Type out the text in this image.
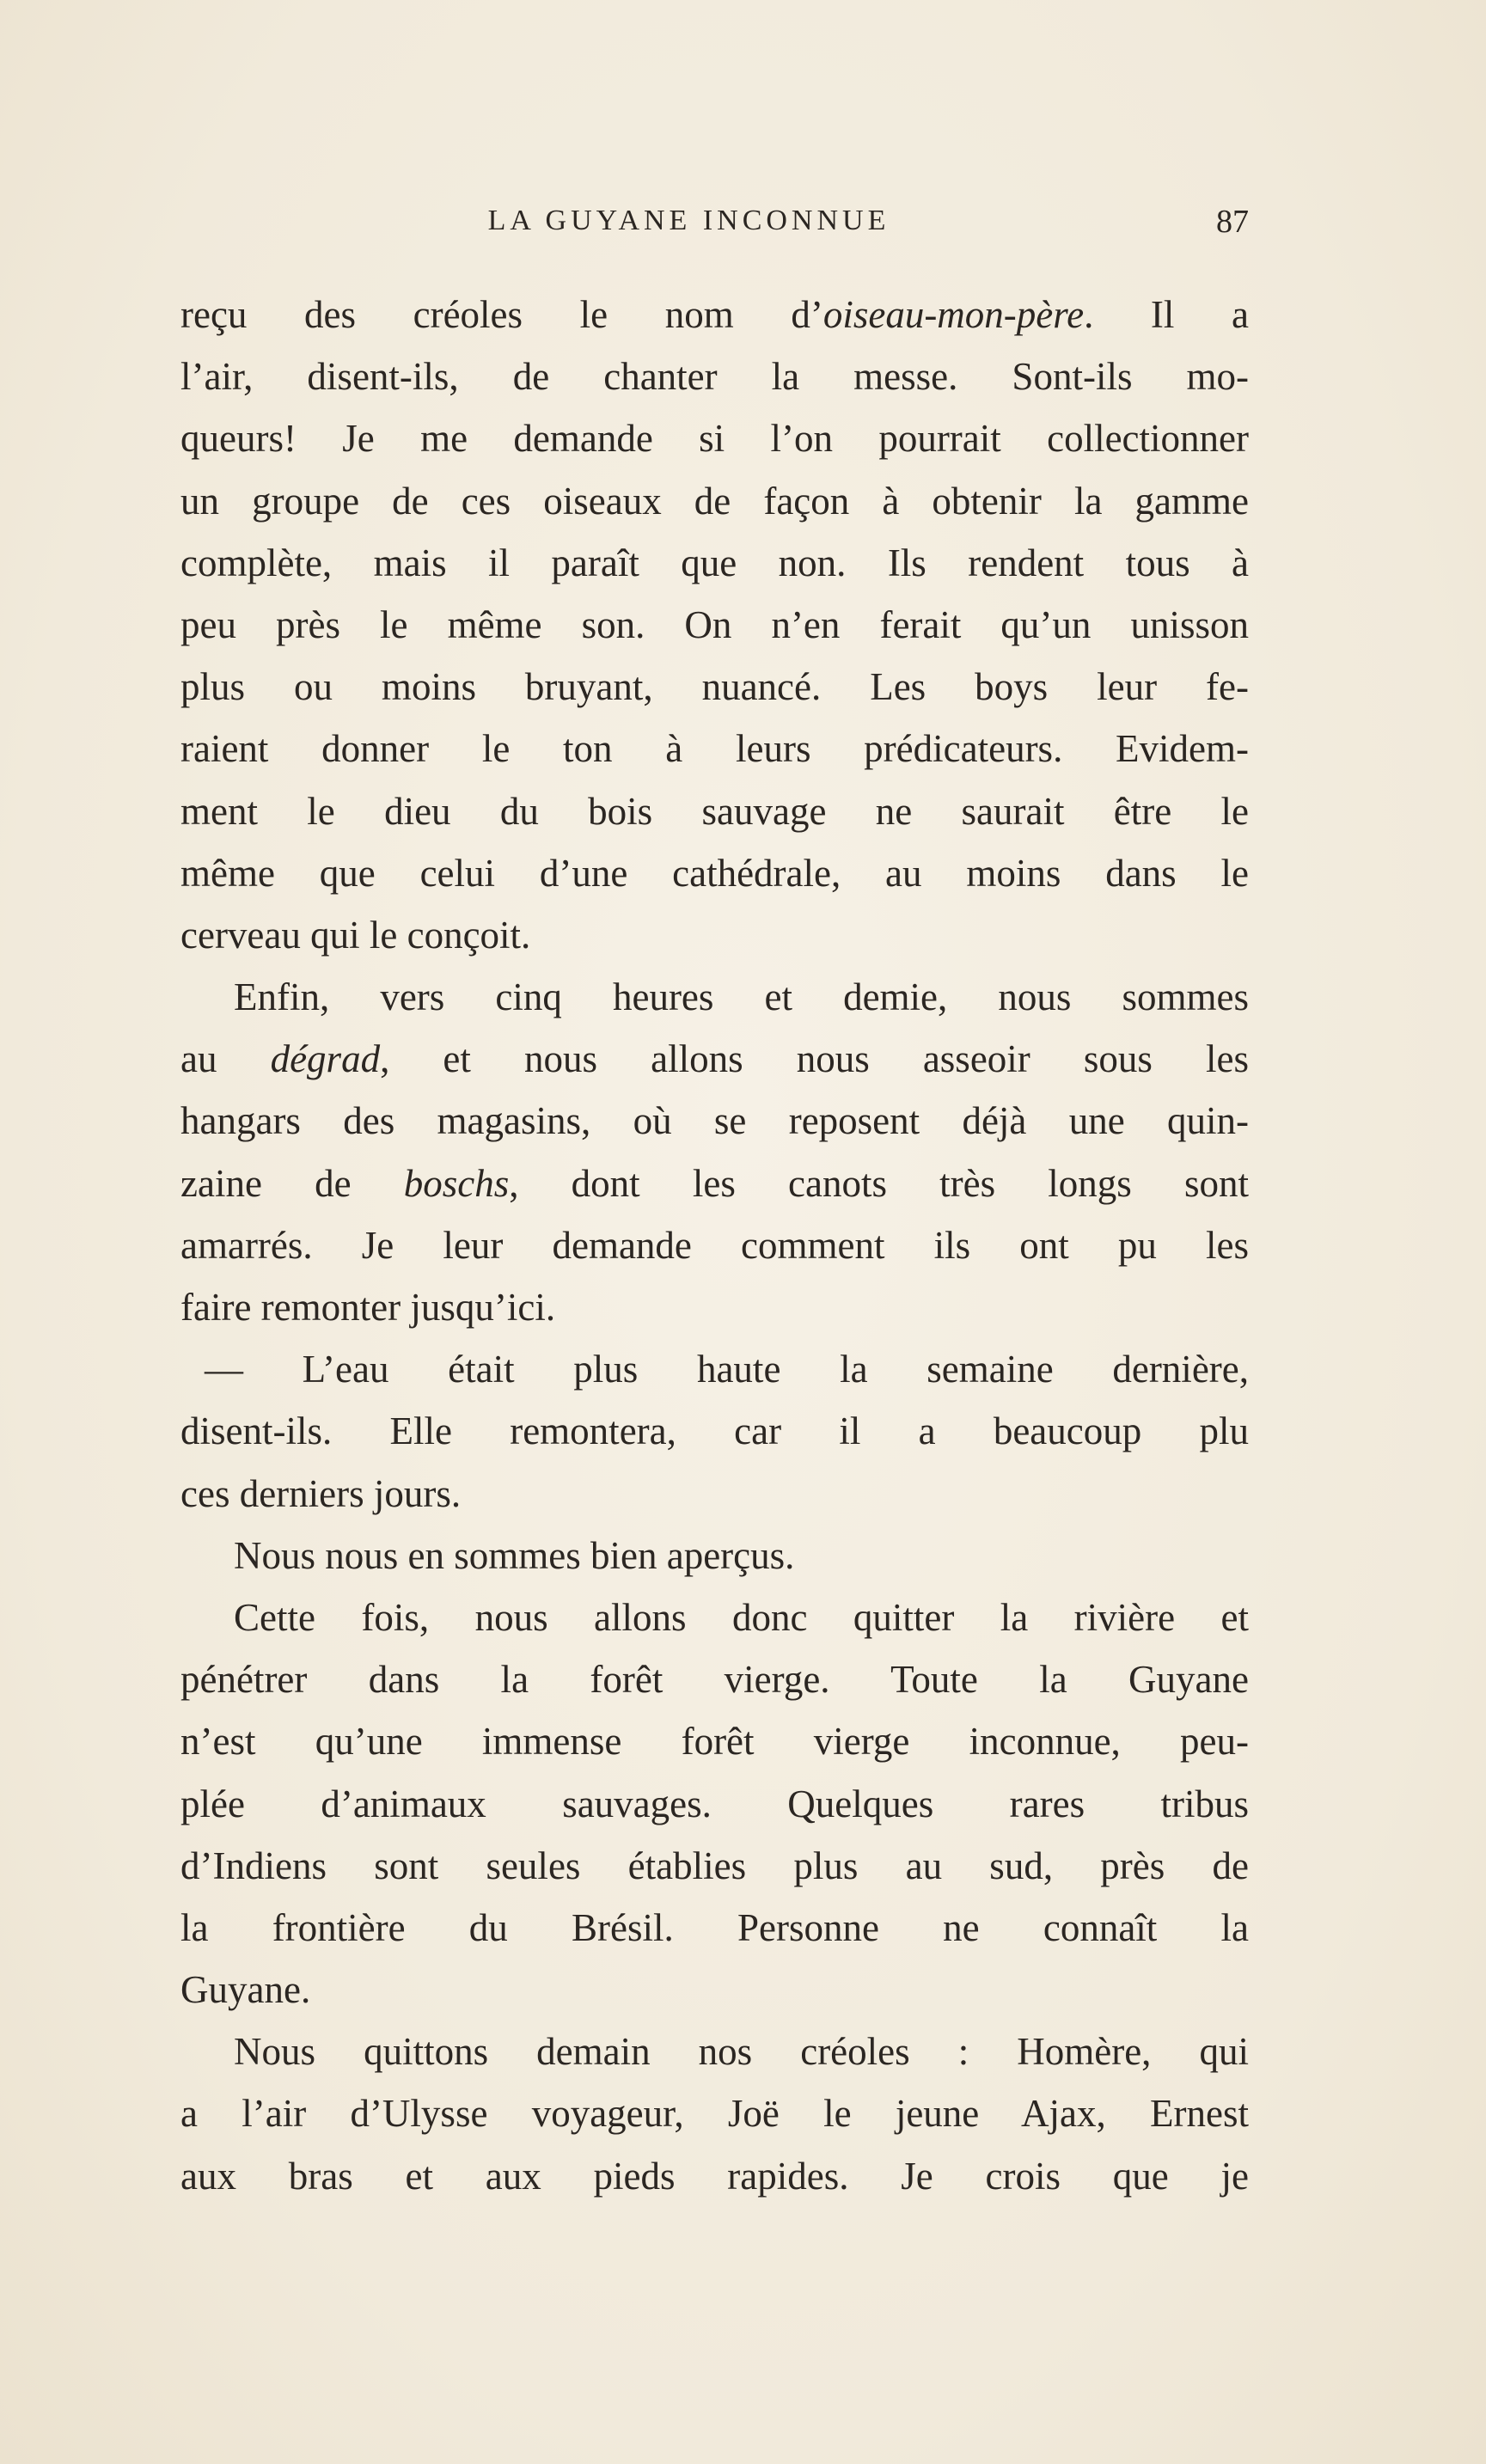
LA GUYANE INCONNUE	87
reçu des créoles le nom d’oiseau-mon-père. Il a
l’air, disent-ils, de chanter la messe. Sont-ils mo-
queurs! Je me demande si l’on pourrait collectionner
un groupe de ces oiseaux de façon à obtenir la gamme
complète, mais il paraît que non. Ils rendent tous à
peu près le même son. On n’en ferait qu’un unisson
plus ou moins bruyant, nuancé. Les boys leur fe-
raient donner le ton à leurs prédicateurs. Evidem-
ment le dieu du bois sauvage ne saurait être le
même que celui d’une cathédrale, au moins dans le
cerveau qui le conçoit.
Enfin, vers cinq heures et demie, nous sommes
au dégrad, et nous allons nous asseoir sous les
hangars des magasins, où se reposent déjà une quin-
zaine de boschs, dont les canots très longs sont
amarrés. Je leur demande comment ils ont pu les
faire remonter jusqu’ici.
— L’eau était plus haute la semaine dernière,
disent-ils. Elle remontera, car il a beaucoup plu
ces derniers jours.
Nous nous en sommes bien aperçus.
Cette fois, nous allons donc quitter la rivière et
pénétrer dans la forêt vierge. Toute la Guyane
n’est qu’une immense forêt vierge inconnue, peu-
plée d’animaux sauvages. Quelques rares tribus
d’Indiens sont seules établies plus au sud, près de
la frontière du Brésil. Personne ne connaît la
Guyane.
Nous quittons demain nos créoles : Homère, qui
a l’air d’Ulysse voyageur, Joë le jeune Ajax, Ernest
aux bras et aux pieds rapides. Je crois que je
